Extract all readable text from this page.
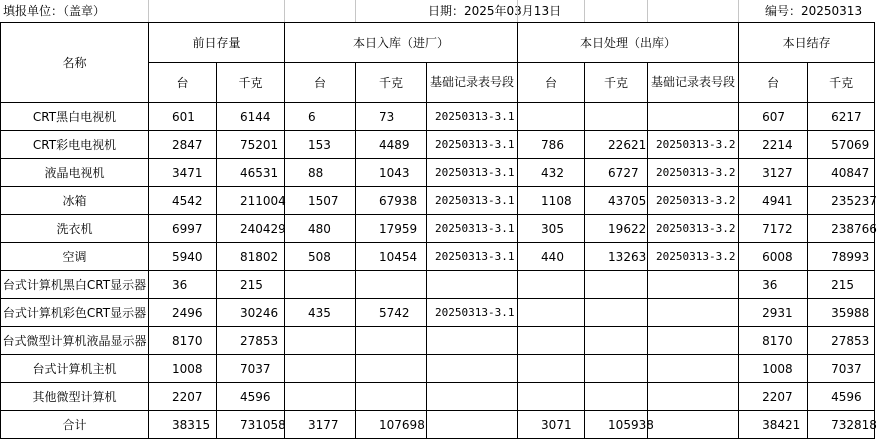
填报单位：（盖章）	日期：2025年03月13日	编号：20250313
名称	前日存量		本日入库（进厂）			本日处理（出库）			本日结存	
	台	千克	台	千克	基础记录表号段	台	千克	基础记录表号段	台	千克
CRT黑白电视机	601	6144	6	73	20250313-3.1				607	6217
CRT彩电电视机	2847	75201	153	4489	20250313-3.1	786	22621	20250313-3.2	2214	57069
液晶电视机	3471	46531	88	1043	20250313-3.1	432	6727	20250313-3.2	3127	40847
冰箱	4542	211004	1507	67938	20250313-3.1	1108	43705	20250313-3.2	4941	235237
洗衣机	6997	240429	480	17959	20250313-3.1	305	19622	20250313-3.2	7172	238766
空调	5940	81802	508	10454	20250313-3.1	440	13263	20250313-3.2	6008	78993
台式计算机黑白CRT显示器	36	215							36	215
台式计算机彩色CRT显示器	2496	30246	435	5742	20250313-3.1				2931	35988
台式微型计算机液晶显示器	8170	27853							8170	27853
台式计算机主机	1008	7037							1008	7037
其他微型计算机	2207	4596							2207	4596
合计	38315	731058	3177	107698		3071	105938		38421	732818
